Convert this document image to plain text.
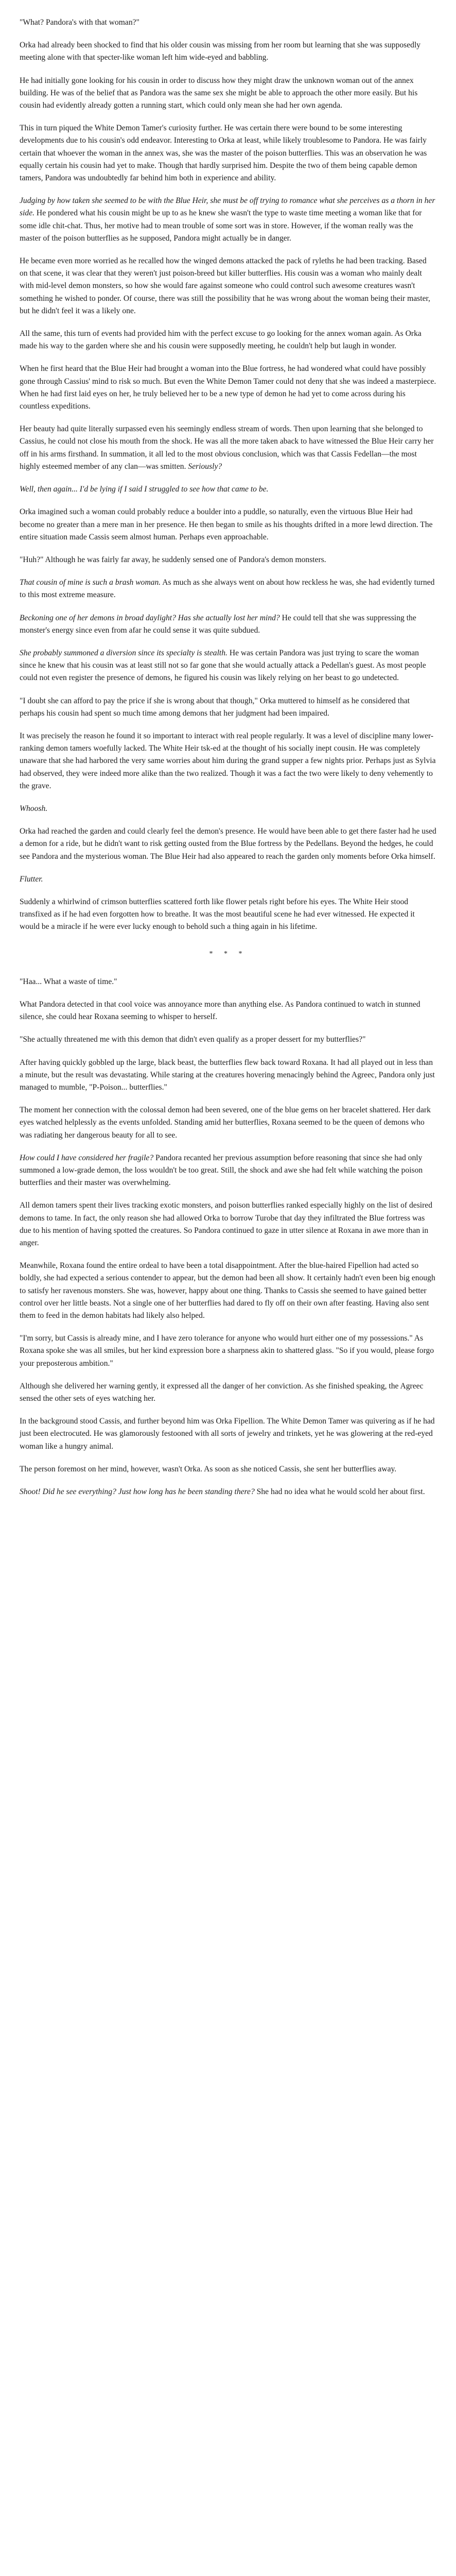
"What? Pandora's with that woman?"

Orka had already been shocked to find that his older cousin was missing from her room but learning that she was supposedly meeting alone with that specter-like woman left him wide-eyed and babbling.

He had initially gone looking for his cousin in order to discuss how they might draw the unknown woman out of the annex building. He was of the belief that as Pandora was the same sex she might be able to approach the other more easily. But his cousin had evidently already gotten a running start, which could only mean she had her own agenda.

This in turn piqued the White Demon Tamer's curiosity further. He was certain there were bound to be some interesting developments due to his cousin's odd endeavor. Interesting to Orka at least, while likely troublesome to Pandora. He was fairly certain that whoever the woman in the annex was, she was the master of the poison butterflies. This was an observation he was equally certain his cousin had yet to make. Though that hardly surprised him. Despite the two of them being capable demon tamers, Pandora was undoubtedly far behind him both in experience and ability.

Judging by how taken she seemed to be with the Blue Heir, she must be off trying to romance what she perceives as a thorn in her side. He pondered what his cousin might be up to as he knew she wasn't the type to waste time meeting a woman like that for some idle chit-chat. Thus, her motive had to mean trouble of some sort was in store. However, if the woman really was the master of the poison butterflies as he supposed, Pandora might actually be in danger.

He became even more worried as he recalled how the winged demons attacked the pack of ryleths he had been tracking. Based on that scene, it was clear that they weren't just poison-breed but killer butterflies. His cousin was a woman who mainly dealt with mid-level demon monsters, so how she would fare against someone who could control such awesome creatures wasn't something he wished to ponder. Of course, there was still the possibility that he was wrong about the woman being their master, but he didn't feel it was a likely one.

All the same, this turn of events had provided him with the perfect excuse to go looking for the annex woman again. As Orka made his way to the garden where she and his cousin were supposedly meeting, he couldn't help but laugh in wonder.

When he first heard that the Blue Heir had brought a woman into the Blue fortress, he had wondered what could have possibly gone through Cassius' mind to risk so much. But even the White Demon Tamer could not deny that she was indeed a masterpiece. When he had first laid eyes on her, he truly believed her to be a new type of demon he had yet to come across during his countless expeditions.

Her beauty had quite literally surpassed even his seemingly endless stream of words. Then upon learning that she belonged to Cassius, he could not close his mouth from the shock. He was all the more taken aback to have witnessed the Blue Heir carry her off in his arms firsthand. In summation, it all led to the most obvious conclusion, which was that Cassis Fedellan—the most highly esteemed member of any clan—was smitten. Seriously?

Well, then again... I'd be lying if I said I struggled to see how that came to be.

Orka imagined such a woman could probably reduce a boulder into a puddle, so naturally, even the virtuous Blue Heir had become no greater than a mere man in her presence. He then began to smile as his thoughts drifted in a more lewd direction. The entire situation made Cassis seem almost human. Perhaps even approachable.

"Huh?" Although he was fairly far away, he suddenly sensed one of Pandora's demon monsters.

That cousin of mine is such a brash woman. As much as she always went on about how reckless he was, she had evidently turned to this most extreme measure.

Beckoning one of her demons in broad daylight? Has she actually lost her mind? He could tell that she was suppressing the monster's energy since even from afar he could sense it was quite subdued.

She probably summoned a diversion since its specialty is stealth. He was certain Pandora was just trying to scare the woman since he knew that his cousin was at least still not so far gone that she would actually attack a Pedellan's guest. As most people could not even register the presence of demons, he figured his cousin was likely relying on her beast to go undetected.

"I doubt she can afford to pay the price if she is wrong about that though," Orka muttered to himself as he considered that perhaps his cousin had spent so much time among demons that her judgment had been impaired.

It was precisely the reason he found it so important to interact with real people regularly. It was a level of discipline many lower-ranking demon tamers woefully lacked. The White Heir tsk-ed at the thought of his socially inept cousin. He was completely unaware that she had harbored the very same worries about him during the grand supper a few nights prior. Perhaps just as Sylvia had observed, they were indeed more alike than the two realized. Though it was a fact the two were likely to deny vehemently to the grave.

Whoosh.

Orka had reached the garden and could clearly feel the demon's presence. He would have been able to get there faster had he used a demon for a ride, but he didn't want to risk getting ousted from the Blue fortress by the Pedellans. Beyond the hedges, he could see Pandora and the mysterious woman. The Blue Heir had also appeared to reach the garden only moments before Orka himself.

Flutter.

Suddenly a whirlwind of crimson butterflies scattered forth like flower petals right before his eyes. The White Heir stood transfixed as if he had even forgotten how to breathe. It was the most beautiful scene he had ever witnessed. He expected it would be a miracle if he were ever lucky enough to behold such a thing again in his lifetime.

* * *

"Haa... What a waste of time."

What Pandora detected in that cool voice was annoyance more than anything else. As Pandora continued to watch in stunned silence, she could hear Roxana seeming to whisper to herself.

"She actually threatened me with this demon that didn't even qualify as a proper dessert for my butterflies?"

After having quickly gobbled up the large, black beast, the butterflies flew back toward Roxana. It had all played out in less than a minute, but the result was devastating. While staring at the creatures hovering menacingly behind the Agreec, Pandora only just managed to mumble, "P-Poison... butterflies."

The moment her connection with the colossal demon had been severed, one of the blue gems on her bracelet shattered. Her dark eyes watched helplessly as the events unfolded. Standing amid her butterflies, Roxana seemed to be the queen of demons who was radiating her dangerous beauty for all to see.

How could I have considered her fragile? Pandora recanted her previous assumption before reasoning that since she had only summoned a low-grade demon, the loss wouldn't be too great. Still, the shock and awe she had felt while watching the poison butterflies and their master was overwhelming.

All demon tamers spent their lives tracking exotic monsters, and poison butterflies ranked especially highly on the list of desired demons to tame. In fact, the only reason she had allowed Orka to borrow Turobe that day they infiltrated the Blue fortress was due to his mention of having spotted the creatures. So Pandora continued to gaze in utter silence at Roxana in awe more than in anger.

Meanwhile, Roxana found the entire ordeal to have been a total disappointment. After the blue-haired Fipellion had acted so boldly, she had expected a serious contender to appear, but the demon had been all show. It certainly hadn't even been big enough to satisfy her ravenous monsters. She was, however, happy about one thing. Thanks to Cassis she seemed to have gained better control over her little beasts. Not a single one of her butterflies had dared to fly off on their own after feasting. Having also sent them to feed in the demon habitats had likely also helped.

"I'm sorry, but Cassis is already mine, and I have zero tolerance for anyone who would hurt either one of my possessions." As Roxana spoke she was all smiles, but her kind expression bore a sharpness akin to shattered glass. "So if you would, please forgo your preposterous ambition."

Although she delivered her warning gently, it expressed all the danger of her conviction. As she finished speaking, the Agreec sensed the other sets of eyes watching her.

In the background stood Cassis, and further beyond him was Orka Fipellion. The White Demon Tamer was quivering as if he had just been electrocuted. He was glamorously festooned with all sorts of jewelry and trinkets, yet he was glowering at the red-eyed woman like a hungry animal.

The person foremost on her mind, however, wasn't Orka. As soon as she noticed Cassis, she sent her butterflies away.

Shoot! Did he see everything? Just how long has he been standing there? She had no idea what he would scold her about first.
